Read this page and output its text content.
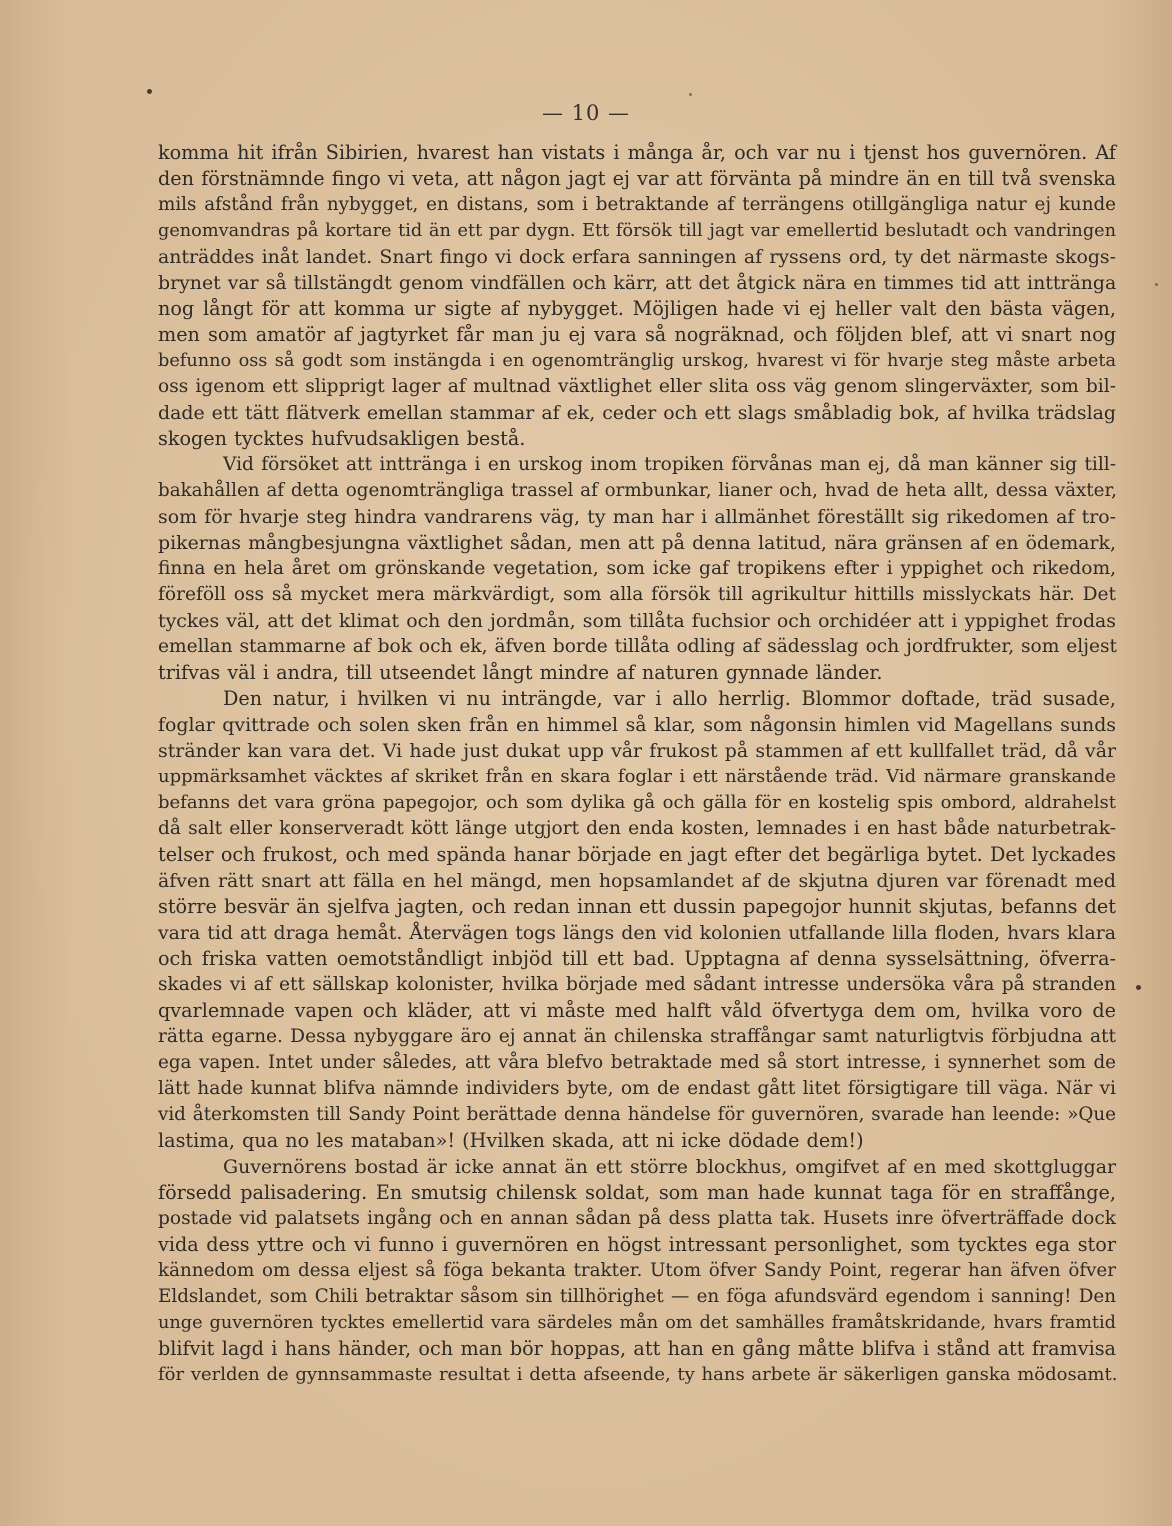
— 10 —
komma hit ifrån Sibirien, hvarest han vistats i många år, och var nu i tjenst hos guvernören. Af
den förstnämnde fingo vi veta, att någon jagt ej var att förvänta på mindre än en till två svenska
mils afstånd från nybygget, en distans, som i betraktande af terrängens otillgängliga natur ej kunde
genomvandras på kortare tid än ett par dygn. Ett försök till jagt var emellertid beslutadt och vandringen
anträddes inåt landet. Snart fingo vi dock erfara sanningen af ryssens ord, ty det närmaste skogs-
brynet var så tillstängdt genom vindfällen och kärr, att det åtgick nära en timmes tid att inttränga
nog långt för att komma ur sigte af nybygget. Möjligen hade vi ej heller valt den bästa vägen,
men som amatör af jagtyrket får man ju ej vara så nogräknad, och följden blef, att vi snart nog
befunno oss så godt som instängda i en ogenomtränglig urskog, hvarest vi för hvarje steg måste arbeta
oss igenom ett slipprigt lager af multnad växtlighet eller slita oss väg genom slingerväxter, som bil-
dade ett tätt flätverk emellan stammar af ek, ceder och ett slags småbladig bok, af hvilka trädslag
skogen tycktes hufvudsakligen bestå.
Vid försöket att inttränga i en urskog inom tropiken förvånas man ej, då man känner sig till-
bakahållen af detta ogenomträngliga trassel af ormbunkar, lianer och, hvad de heta allt, dessa växter,
som för hvarje steg hindra vandrarens väg, ty man har i allmänhet föreställt sig rikedomen af tro-
pikernas mångbesjungna växtlighet sådan, men att på denna latitud, nära gränsen af en ödemark,
finna en hela året om grönskande vegetation, som icke gaf tropikens efter i yppighet och rikedom,
föreföll oss så mycket mera märkvärdigt, som alla försök till agrikultur hittills misslyckats här. Det
tyckes väl, att det klimat och den jordmån, som tillåta fuchsior och orchidéer att i yppighet frodas
emellan stammarne af bok och ek, äfven borde tillåta odling af sädesslag och jordfrukter, som eljest
trifvas väl i andra, till utseendet långt mindre af naturen gynnade länder.
Den natur, i hvilken vi nu inträngde, var i allo herrlig. Blommor doftade, träd susade,
foglar qvittrade och solen sken från en himmel så klar, som någonsin himlen vid Magellans sunds
stränder kan vara det. Vi hade just dukat upp vår frukost på stammen af ett kullfallet träd, då vår
uppmärksamhet väcktes af skriket från en skara foglar i ett närstående träd. Vid närmare granskande
befanns det vara gröna papegojor, och som dylika gå och gälla för en kostelig spis ombord, aldrahelst
då salt eller konserveradt kött länge utgjort den enda kosten, lemnades i en hast både naturbetrak-
telser och frukost, och med spända hanar började en jagt efter det begärliga bytet. Det lyckades
äfven rätt snart att fälla en hel mängd, men hopsamlandet af de skjutna djuren var förenadt med
större besvär än sjelfva jagten, och redan innan ett dussin papegojor hunnit skjutas, befanns det
vara tid att draga hemåt. Återvägen togs längs den vid kolonien utfallande lilla floden, hvars klara
och friska vatten oemotståndligt inbjöd till ett bad. Upptagna af denna sysselsättning, öfverra-
skades vi af ett sällskap kolonister, hvilka började med sådant intresse undersöka våra på stranden
qvarlemnade vapen och kläder, att vi måste med halft våld öfvertyga dem om, hvilka voro de
rätta egarne. Dessa nybyggare äro ej annat än chilenska straffångar samt naturligtvis förbjudna att
ega vapen. Intet under således, att våra blefvo betraktade med så stort intresse, i synnerhet som de
lätt hade kunnat blifva nämnde individers byte, om de endast gått litet försigtigare till väga. När vi
vid återkomsten till Sandy Point berättade denna händelse för guvernören, svarade han leende: »Que
lastima, qua no les mataban»! (Hvilken skada, att ni icke dödade dem!)
Guvernörens bostad är icke annat än ett större blockhus, omgifvet af en med skottgluggar
försedd palisadering. En smutsig chilensk soldat, som man hade kunnat taga för en straffånge,
postade vid palatsets ingång och en annan sådan på dess platta tak. Husets inre öfverträffade dock
vida dess yttre och vi funno i guvernören en högst intressant personlighet, som tycktes ega stor
kännedom om dessa eljest så föga bekanta trakter. Utom öfver Sandy Point, regerar han äfven öfver
Eldslandet, som Chili betraktar såsom sin tillhörighet — en föga afundsvärd egendom i sanning! Den
unge guvernören tycktes emellertid vara särdeles mån om det samhälles framåtskridande, hvars framtid
blifvit lagd i hans händer, och man bör hoppas, att han en gång måtte blifva i stånd att framvisa
för verlden de gynnsammaste resultat i detta afseende, ty hans arbete är säkerligen ganska mödosamt.
